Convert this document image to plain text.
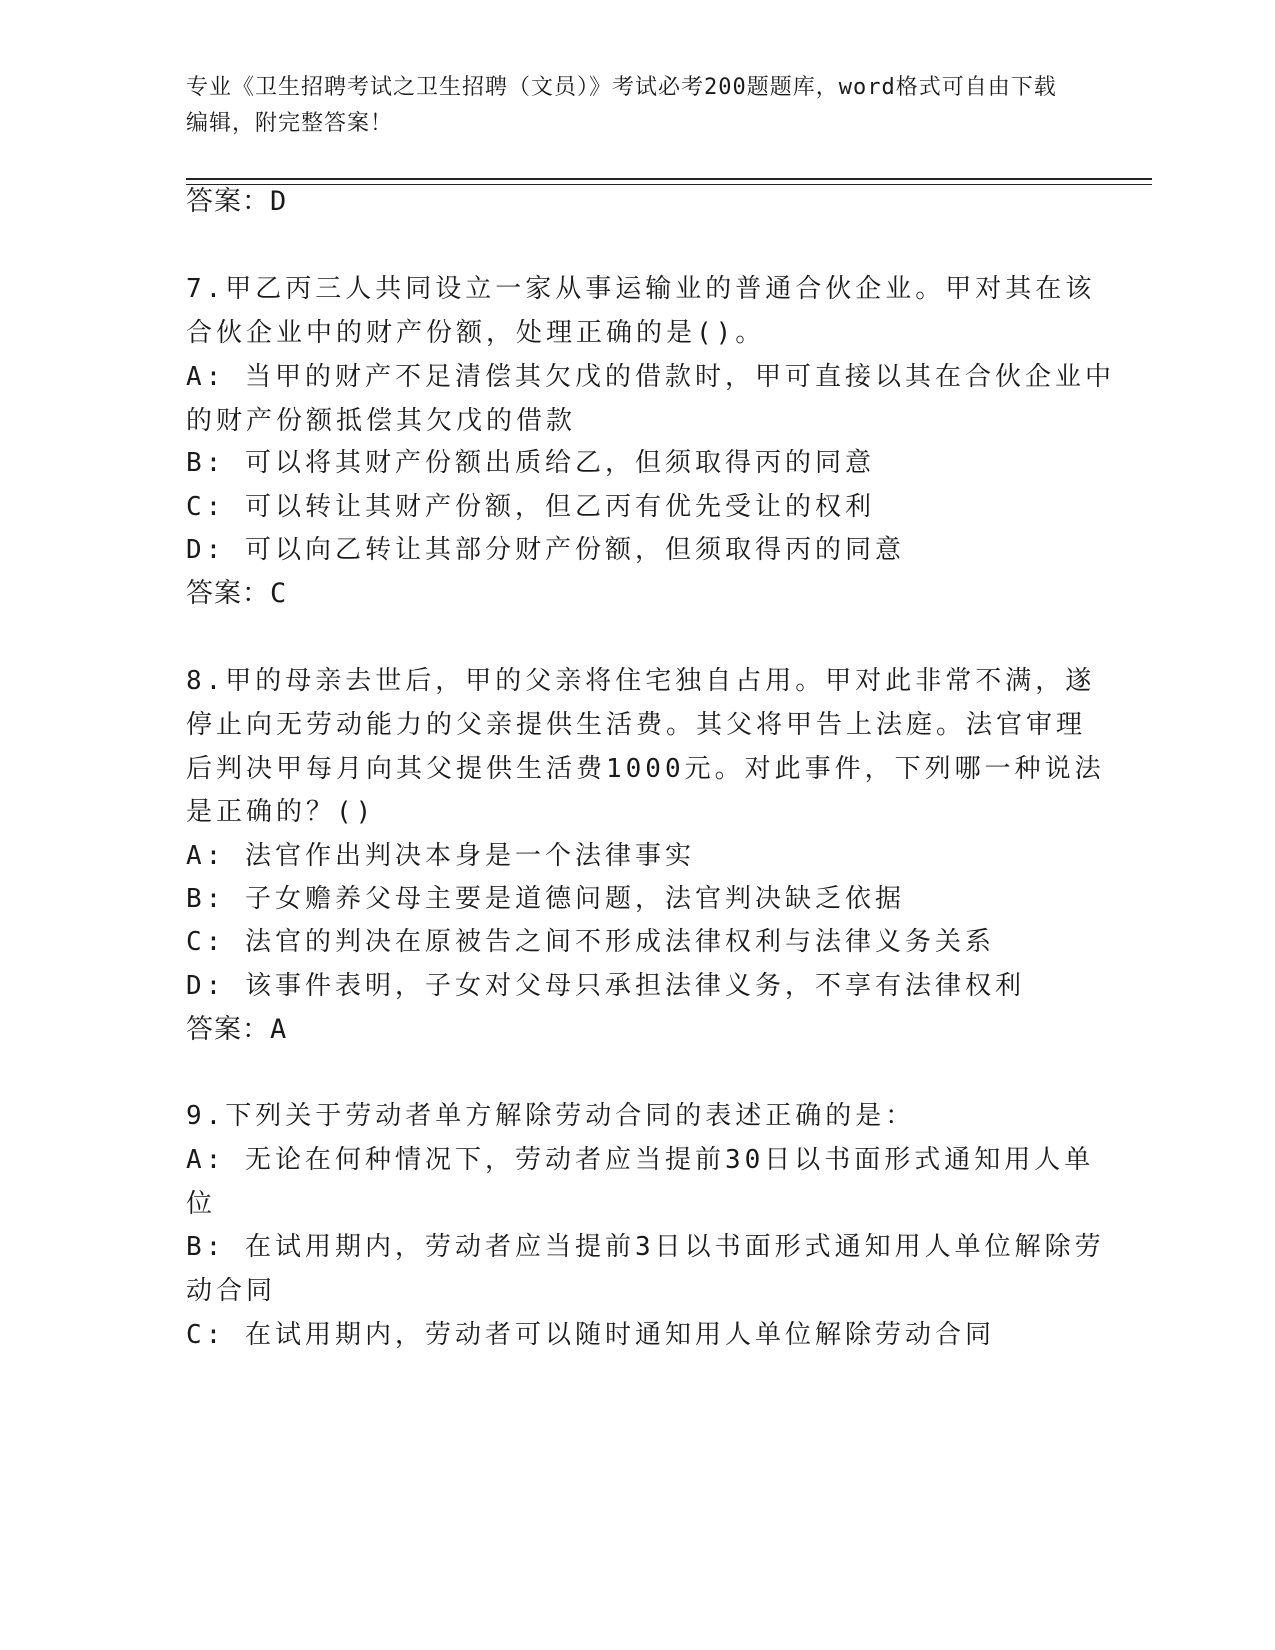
专业《卫生招聘考试之卫生招聘（文员）》考试必考200题题库，word格式可自由下载编辑，附完整答案！
答案：D
7.甲乙丙三人共同设立一家从事运输业的普通合伙企业。甲对其在该
合伙企业中的财产份额，处理正确的是()。
A: 当甲的财产不足清偿其欠戊的借款时，甲可直接以其在合伙企业中
的财产份额抵偿其欠戊的借款
B: 可以将其财产份额出质给乙，但须取得丙的同意
C: 可以转让其财产份额，但乙丙有优先受让的权利
D: 可以向乙转让其部分财产份额，但须取得丙的同意
答案：C
8.甲的母亲去世后，甲的父亲将住宅独自占用。甲对此非常不满，遂
停止向无劳动能力的父亲提供生活费。其父将甲告上法庭。法官审理
后判决甲每月向其父提供生活费1000元。对此事件，下列哪一种说法
是正确的？()
A: 法官作出判决本身是一个法律事实
B: 子女赡养父母主要是道德问题，法官判决缺乏依据
C: 法官的判决在原被告之间不形成法律权利与法律义务关系
D: 该事件表明，子女对父母只承担法律义务，不享有法律权利
答案：A
9.下列关于劳动者单方解除劳动合同的表述正确的是：
A: 无论在何种情况下，劳动者应当提前30日以书面形式通知用人单
位
B: 在试用期内，劳动者应当提前3日以书面形式通知用人单位解除劳
动合同
C: 在试用期内，劳动者可以随时通知用人单位解除劳动合同
